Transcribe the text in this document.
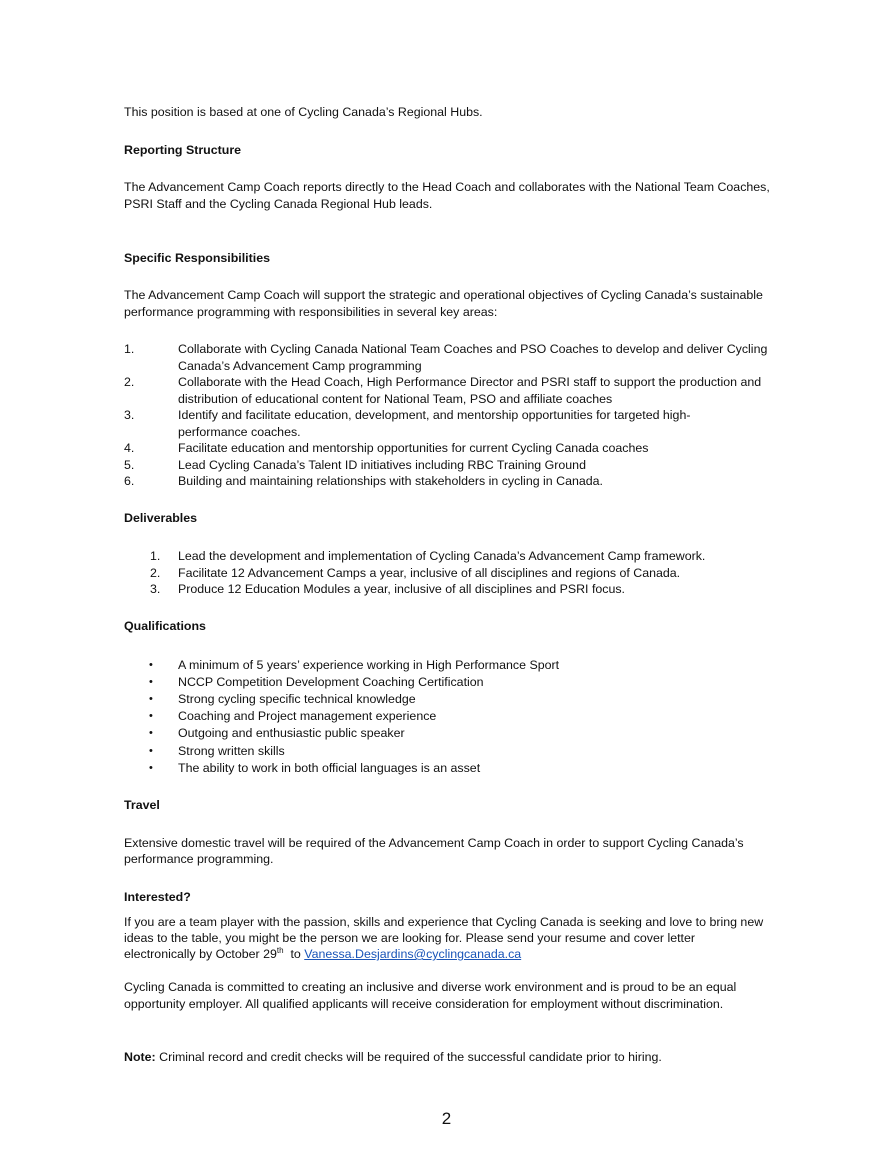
This position is based at one of Cycling Canada’s Regional Hubs.

Reporting Structure

The Advancement Camp Coach reports directly to the Head Coach and collaborates with the National Team Coaches,

PSRI Staff and the Cycling Canada Regional Hub leads.

Specific Responsibilities

The Advancement Camp Coach will support the strategic and operational objectives of Cycling Canada’s sustainable

performance programming with responsibilities in several key areas:

1.	Collaborate with Cycling Canada National Team Coaches and PSO Coaches to develop and deliver Cycling
Canada’s Advancement Camp programming
2.	Collaborate with the Head Coach, High Performance Director and PSRI staff to support the production and
distribution of educational content for National Team, PSO and affiliate coaches
3.	Identify and facilitate education, development, and mentorship opportunities for targeted high-
performance coaches.
4.	Facilitate education and mentorship opportunities for current Cycling Canada coaches
5.	Lead Cycling Canada’s Talent ID initiatives including RBC Training Ground
6.	Building and maintaining relationships with stakeholders in cycling in Canada.

Deliverables

1. Lead the development and implementation of Cycling Canada’s Advancement Camp framework.
2. Facilitate 12 Advancement Camps a year, inclusive of all disciplines and regions of Canada.
3. Produce 12 Education Modules a year, inclusive of all disciplines and PSRI focus.

Qualifications

• A minimum of 5 years’ experience working in High Performance Sport
• NCCP Competition Development Coaching Certification
• Strong cycling specific technical knowledge
• Coaching and Project management experience
• Outgoing and enthusiastic public speaker
• Strong written skills
• The ability to work in both official languages is an asset

Travel

Extensive domestic travel will be required of the Advancement Camp Coach in order to support Cycling Canada’s

performance programming.

Interested?

If you are a team player with the passion, skills and experience that Cycling Canada is seeking and love to bring new

ideas to the table, you might be the person we are looking for. Please send your resume and cover letter

electronically by October 29th  to Vanessa.Desjardins@cyclingcanada.ca

Cycling Canada is committed to creating an inclusive and diverse work environment and is proud to be an equal

opportunity employer. All qualified applicants will receive consideration for employment without discrimination.

Note: Criminal record and credit checks will be required of the successful candidate prior to hiring.

2
